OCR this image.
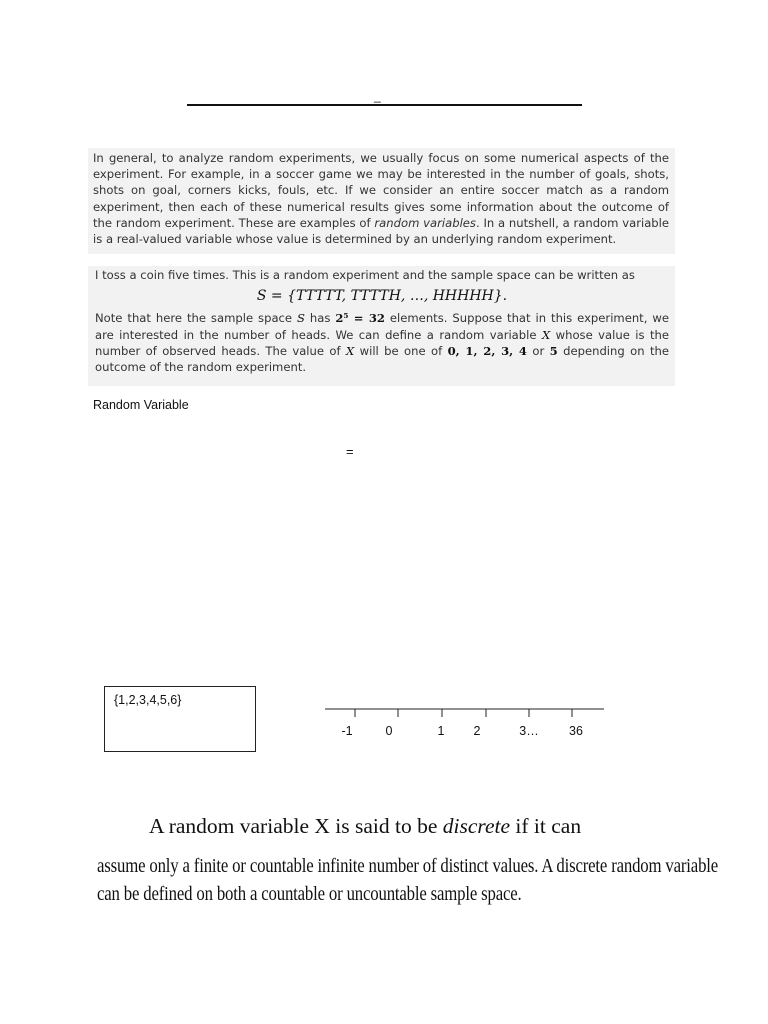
_
In general, to analyze random experiments, we usually focus on some numerical aspects of the experiment. For example, in a soccer game we may be interested in the number of goals, shots, shots on goal, corners kicks, fouls, etc. If we consider an entire soccer match as a random experiment, then each of these numerical results gives some information about the outcome of the random experiment. These are examples of random variables. In a nutshell, a random variable is a real-valued variable whose value is determined by an underlying random experiment.
I toss a coin five times. This is a random experiment and the sample space can be written as
S = {TTTTT, TTTTH, …, HHHHH}.
Note that here the sample space S has 2⁵ = 32 elements. Suppose that in this experiment, we are interested in the number of heads. We can define a random variable X whose value is the number of observed heads. The value of X will be one of 0, 1, 2, 3, 4 or 5 depending on the outcome of the random experiment.
Random Variable
=
{1,2,3,4,5,6}
-1	0	1 2	3… 36
A random variable X is said to be discrete if it can
assume only a finite or countable infinite number of distinct values. A discrete random variable
can be defined on both a countable or uncountable sample space.
